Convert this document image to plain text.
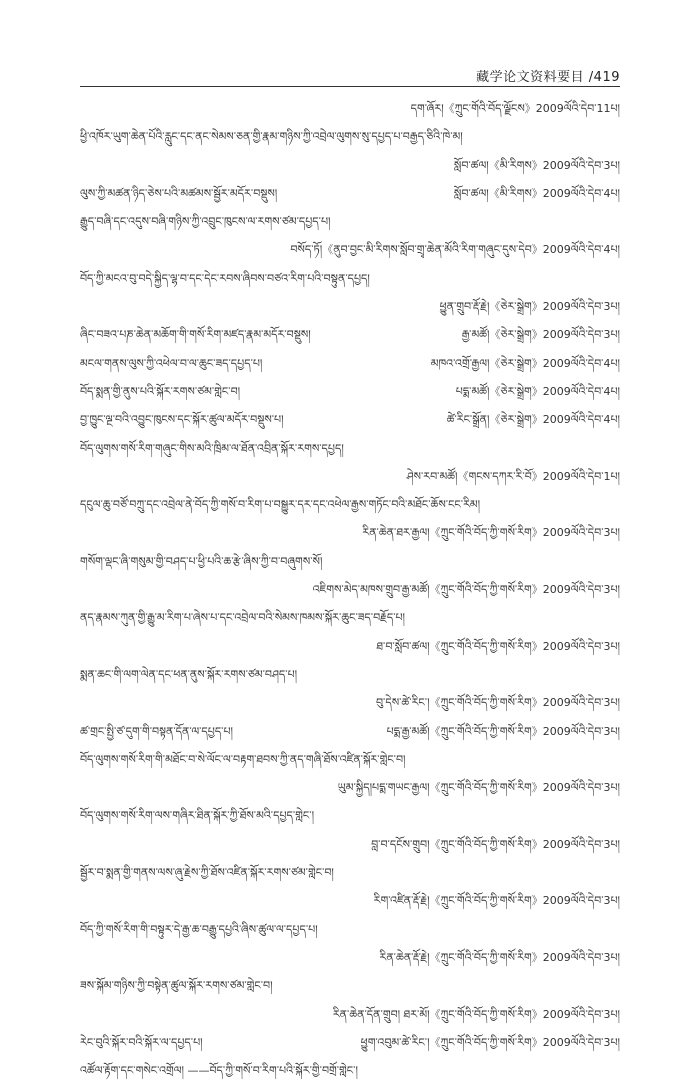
藏学论文资料要目 /419
དག་ཞོར།《ཀྲུང་གོའི་བོད་ལྗོངས》2009ལོའི་དེབ་11པ།
ཕྱི་འཁོར་ཡུག་ཆེན་པོའི་རླུང་དང་ནང་སེམས་ཅན་གྱི་རྣམ་གཉིས་ཀྱི་འབྲེལ་ལུགས་སུ་དཔྱད་པ་བརྒྱད་ཅིའི་ཁེ་མ།
སློབ་ཚལ།《མི་རིགས》2009ལོའི་དེབ་3པ།
ལུས་ཀྱི་མཚན་ཉིད་ཅེས་པའི་མཚམས་སྦྱོར་མདོར་བསྡུས།	སློབ་ཚལ།《མི་རིགས》2009ལོའི་དེབ་4པ།
རྒྱུད་བཞི་དང་འདུས་བཞི་གཉིས་ཀྱི་འབྲུང་ཁུངས་ལ་རགས་ཙམ་དཔྱད་པ།
བསོད་ཏོ།《ནུབ་བྱང་མི་རིགས་སློབ་གྲྭ་ཆེན་མོའི་རིག་གཞུང་དུས་དེབ》2009ལོའི་དེབ་4པ།
བོད་ཀྱི་མངའ་བུ་བདེ་སྐྱིད་ལྷ་བ་དང་དེང་རབས་ཞིབས་བཙའ་རིག་པའི་བསྟུན་དཔྱད།
ཕྱུན་གྲུབ་རྡོ་རྗེ།《ཅེར་སྒྲེག》2009ལོའི་དེབ་3པ།
ཞིང་བཟའ་པཎ་ཆེན་མཆོག་གི་གསོ་རིག་མཛད་རྣམ་མདོར་བསྡུས།	རྒྱ་མཚོ།《ཅེར་སྒྲེག》2009ལོའི་དེབ་3པ།
མངལ་གནས་ལུས་ཀྱི་འཕེལ་བ་ལ་ཆུང་ཟད་དཔྱད་པ།	མཁའ་འགྲོ་རྒྱལ།《ཅེར་སྒྲེག》2009ལོའི་དེབ་4པ།
བོད་སྨན་གྱི་ནུས་པའི་སྐོར་རགས་ཙམ་གླེང་བ།	པདྨ་མཚོ།《ཅེར་སྒྲེག》2009ལོའི་དེབ་4པ།
བྱ་ཁྱུང་ལྔ་བའི་འབྱུང་ཁུངས་དང་སྐོར་ཚུལ་མདོར་བསྡུས་པ།	ཚེ་རིང་སྒྲོན།《ཅེར་སྒྲེག》2009ལོའི་དེབ་4པ།
བོད་ལུགས་གསོ་རིག་གཞུང་གིས་མའི་ཁྲིམ་ལ་ཐོན་འབྲིན་སྐོར་རགས་དཔྱད།
ཤེས་རབ་མཚོ།《གངས་དཀར་རི་བོ》2009ལོའི་དེབ་1པ།
དངུལ་ཆུ་བཙོ་བཀྲུ་དང་འབྲེལ་ནེ་བོད་ཀྱི་གསོ་བ་རིག་པ་བསྒྱུར་དར་དང་འཕེལ་རྒྱས་གཏོང་བའི་མཐོང་ཆོས་ངང་རིམ།
རིན་ཆེན་ཐར་རྒྱལ།《ཀྲུང་གོའི་བོད་ཀྱི་གསོ་རིག》2009ལོའི་དེབ་3པ།
གསོག་ལྡང་ཞི་གསུམ་གྱི་བཤད་པ་ཕྱི་པའི་ཆ་རྩེ་ཞིས་ཀྱི་བ་བཞུགས་སོ།
འཇིགས་མེད་མཁས་གྲུབ་རྒྱ་མཚོ།《ཀྲུང་གོའི་བོད་ཀྱི་གསོ་རིག》2009ལོའི་དེབ་3པ།
ནད་རྣམས་ཀུན་གྱི་རྒྱུ་མ་རིག་པ་ཞེས་པ་དང་འབྲེལ་བའི་སེམས་ཁམས་སྐོར་ཆུང་ཟད་བརྗོད་པ།
ཐ་བ་སློབ་ཚལ།《ཀྲུང་གོའི་བོད་ཀྱི་གསོ་རིག》2009ལོའི་དེབ་3པ།
སྨན་ཆང་གི་ལག་ལེན་དང་ཕན་ནུས་སྐོར་རགས་ཙམ་བཤད་པ།
བུ་དེས་ཚེ་རིང་།《ཀྲུང་གོའི་བོད་ཀྱི་གསོ་རིག》2009ལོའི་དེབ་3པ།
ཚ་གྲང་སྤྱི་ཙ་དུག་གི་བསྟན་དོན་ལ་དཔྱད་པ།	པདྨ་རྒྱ་མཚོ།《ཀྲུང་གོའི་བོད་ཀྱི་གསོ་རིག》2009ལོའི་དེབ་3པ།
བོད་ལུགས་གསོ་རིག་གི་མཐོང་བ་སེ་ལོང་ལ་བརྟག་ཐབས་ཀྱི་ནད་གཞི་ཐོས་འཛིན་སྐོར་གླེང་བ།
ཡུམ་སྐྱིད།པདྨ་གཡང་རྒྱལ།《ཀྲུང་གོའི་བོད་ཀྱི་གསོ་རིག》2009ལོའི་དེབ་3པ།
བོད་ལུགས་གསོ་རིག་ལས་གཞིར་ཐིན་སྐོར་ཀྱི་ཐོས་མའི་དཔྱད་གླེང་།
བླ་བ་དངོས་གྲུབ།《ཀྲུང་གོའི་བོད་ཀྱི་གསོ་རིག》2009ལོའི་དེབ་3པ།
སྦྱོར་བ་སྨན་གྱི་གནས་ལས་ཞུ་རྗེས་ཀྱི་ཐོས་འཛིན་སྐོར་རགས་ཙམ་གླེང་བ།
རིག་འཛིན་རྡོ་རྗེ།《ཀྲུང་གོའི་བོད་ཀྱི་གསོ་རིག》2009ལོའི་དེབ་3པ།
བོད་ཀྱི་གསོ་རིག་གི་བསྟུར་དེ་རྒྱ་ཆ་བརྒྱུ་དཔྱའི་ཞིས་ཚུལ་ལ་དཔྱད་པ།
རིན་ཆེན་རྡོ་རྗེ།《ཀྲུང་གོའི་བོད་ཀྱི་གསོ་རིག》2009ལོའི་དེབ་3པ།
ཟས་སྐོམ་གཉིས་ཀྱི་བསྟེན་ཚུལ་སྐོར་རགས་ཙམ་གླེང་བ།
རིན་ཆེན་དོན་གྲུབ། ཐར་མོ།《ཀྲུང་གོའི་བོད་ཀྱི་གསོ་རིག》2009ལོའི་དེབ་3པ།
རེང་བུའི་སྐོར་བའི་སྐོར་ལ་དཔྱད་པ།	ཕྱུག་འབུམ་ཚེ་རིང་།《ཀྲུང་གོའི་བོད་ཀྱི་གསོ་རིག》2009ལོའི་དེབ་3པ།
འཚོལ་རྟོག་དང་གསེང་འགྲོལ། ——བོད་ཀྱི་གསོ་བ་རིག་པའི་སྐོར་གྱི་བགྲོ་གླེང་།
